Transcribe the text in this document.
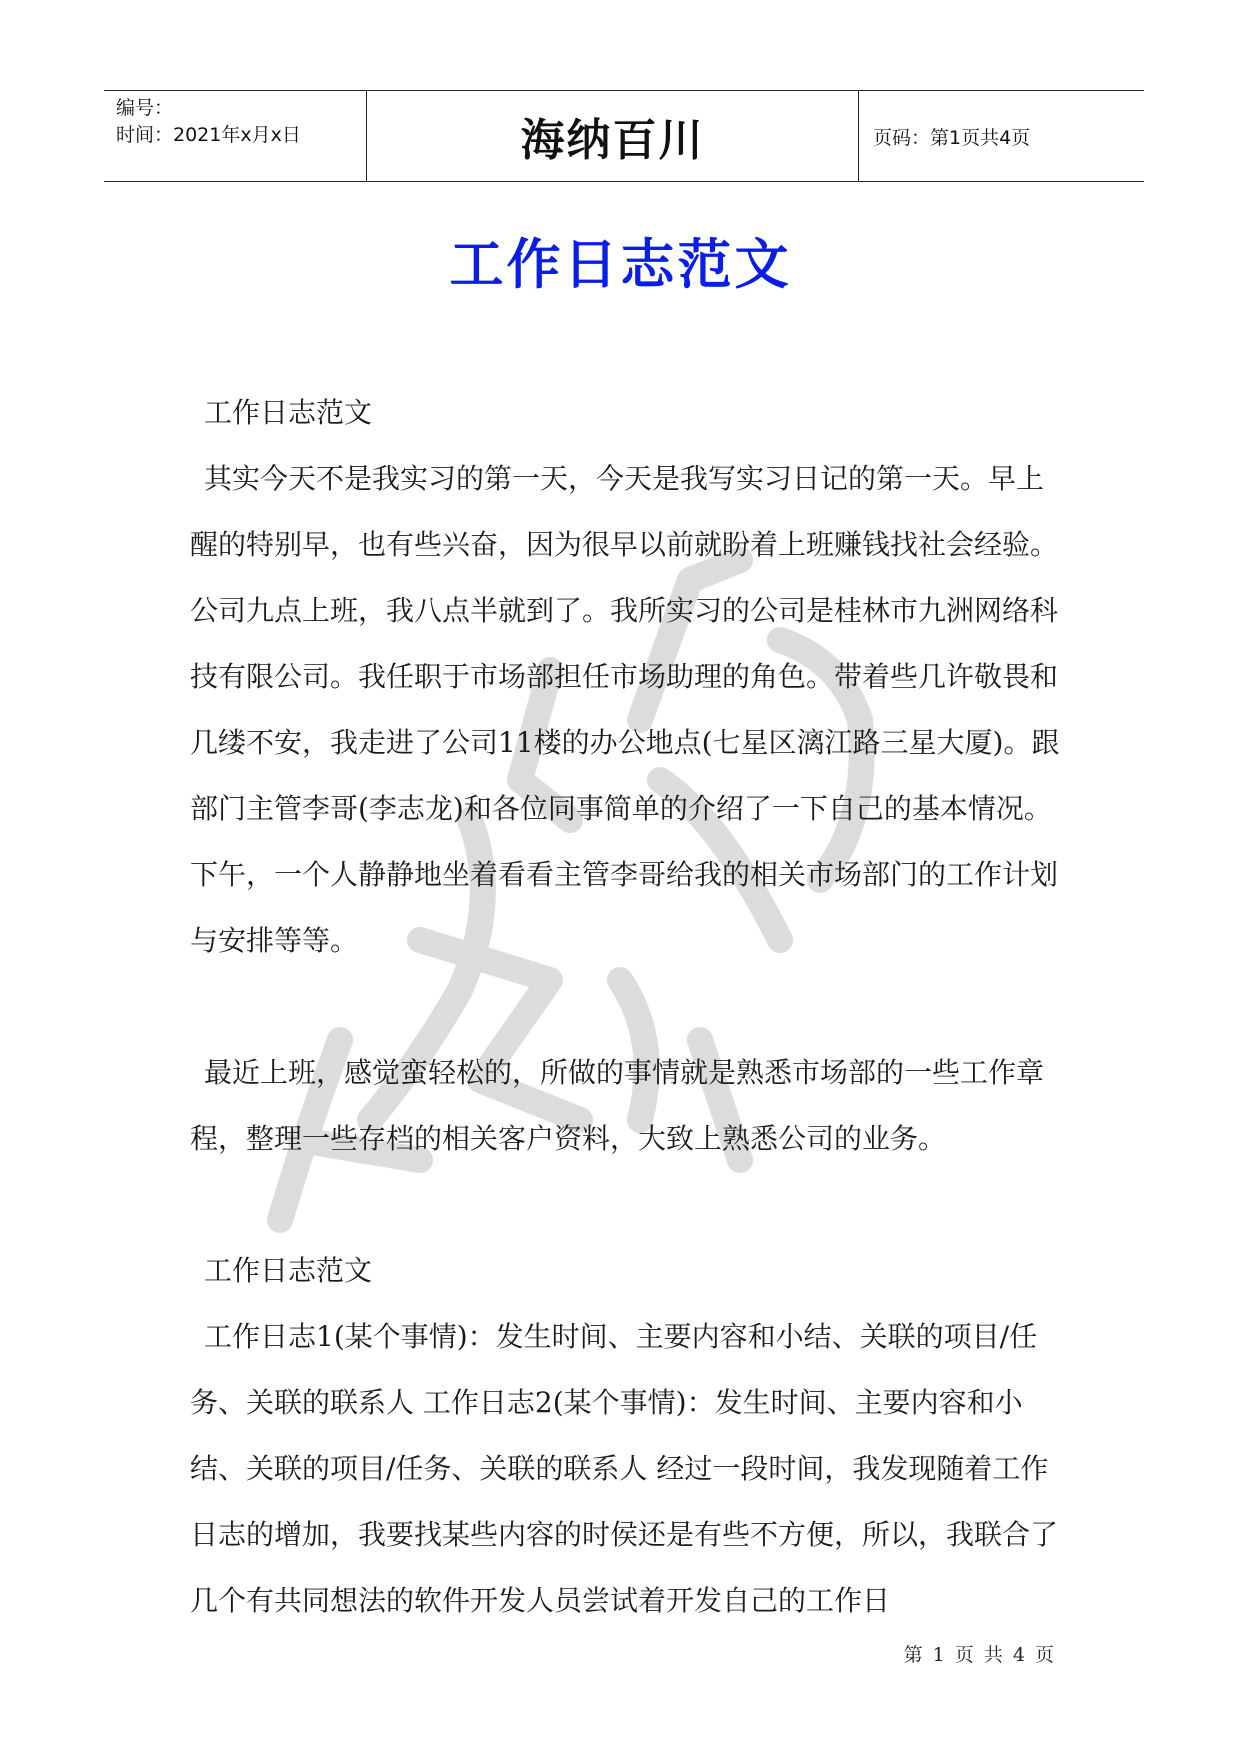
编号：
时间：2021年x月x日	海纳百川	页码：第1页共4页
工作日志范文

工作日志范文

其实今天不是我实习的第一天，今天是我写实习日记的第一天。早上醒的特别早，也有些兴奋，因为很早以前就盼着上班赚钱找社会经验。公司九点上班，我八点半就到了。我所实习的公司是桂林市九洲网络科技有限公司。我任职于市场部担任市场助理的角色。带着些几许敬畏和几缕不安，我走进了公司11楼的办公地点(七星区漓江路三星大厦)。跟部门主管李哥(李志龙)和各位同事简单的介绍了一下自己的基本情况。下午，一个人静静地坐着看看主管李哥给我的相关市场部门的工作计划与安排等等。

最近上班，感觉蛮轻松的，所做的事情就是熟悉市场部的一些工作章程，整理一些存档的相关客户资料，大致上熟悉公司的业务。

工作日志范文

工作日志1(某个事情)：发生时间、主要内容和小结、关联的项目/任务、关联的联系人 工作日志2(某个事情)：发生时间、主要内容和小结、关联的项目/任务、关联的联系人 经过一段时间，我发现随着工作日志的增加，我要找某些内容的时侯还是有些不方便，所以，我联合了几个有共同想法的软件开发人员尝试着开发自己的工作日

第 1 页 共 4 页
